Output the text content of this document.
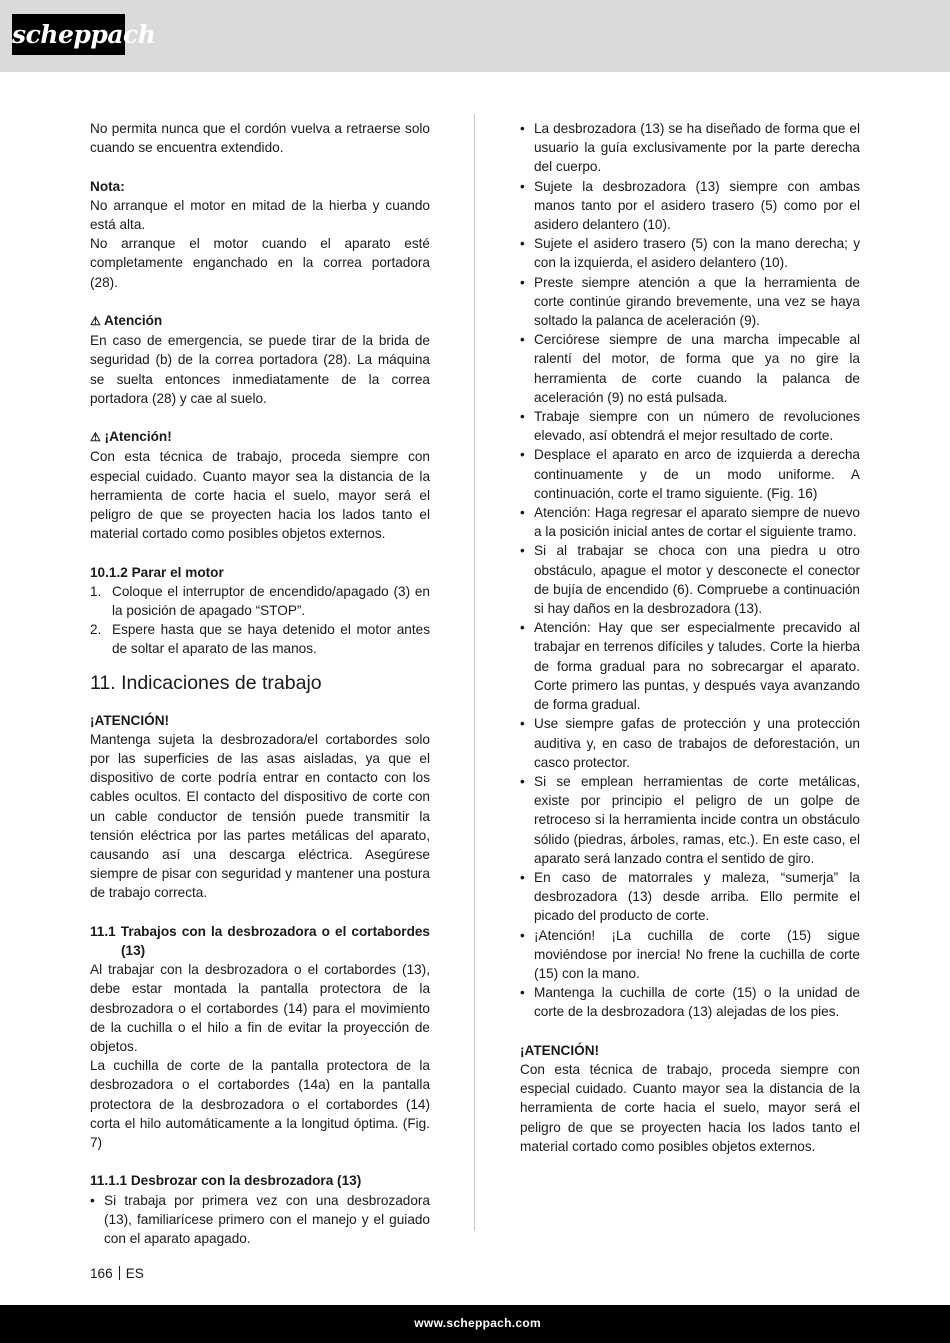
scheppach

No permita nunca que el cordón vuelva a retraerse solo cuando se encuentra extendido.

Nota:

No arranque el motor en mitad de la hierba y cuando está alta.

No arranque el motor cuando el aparato esté completamente enganchado en la correa portadora (28).

⚠ Atención

En caso de emergencia, se puede tirar de la brida de seguridad (b) de la correa portadora (28). La máquina se suelta entonces inmediatamente de la correa portadora (28) y cae al suelo.

⚠ ¡Atención!

Con esta técnica de trabajo, proceda siempre con especial cuidado. Cuanto mayor sea la distancia de la herramienta de corte hacia el suelo, mayor será el peligro de que se proyecten hacia los lados tanto el material cortado como posibles objetos externos.

10.1.2 Parar el motor

1. Coloque el interruptor de encendido/apagado (3) en la posición de apagado “STOP”.
2. Espere hasta que se haya detenido el motor antes de soltar el aparato de las manos.
11. Indicaciones de trabajo

¡ATENCIÓN!

Mantenga sujeta la desbrozadora/el cortabordes solo por las superficies de las asas aisladas, ya que el dispositivo de corte podría entrar en contacto con los cables ocultos. El contacto del dispositivo de corte con un cable conductor de tensión puede transmitir la tensión eléctrica por las partes metálicas del aparato, causando así una descarga eléctrica. Asegúrese siempre de pisar con seguridad y mantener una postura de trabajo correcta.

11.1 Trabajos con la desbrozadora o el cortabordes (13)

Al trabajar con la desbrozadora o el cortabordes (13), debe estar montada la pantalla protectora de la desbrozadora o el cortabordes (14) para el movimiento de la cuchilla o el hilo a fin de evitar la proyección de objetos.

La cuchilla de corte de la pantalla protectora de la desbrozadora o el cortabordes (14a) en la pantalla protectora de la desbrozadora o el cortabordes (14) corta el hilo automáticamente a la longitud óptima. (Fig. 7)

11.1.1 Desbrozar con la desbrozadora (13)

• Si trabaja por primera vez con una desbrozadora (13), familiarícese primero con el manejo y el guiado con el aparato apagado.
• La desbrozadora (13) se ha diseñado de forma que el usuario la guía exclusivamente por la parte derecha del cuerpo.
• Sujete la desbrozadora (13) siempre con ambas manos tanto por el asidero trasero (5) como por el asidero delantero (10).
• Sujete el asidero trasero (5) con la mano derecha; y con la izquierda, el asidero delantero (10).
• Preste siempre atención a que la herramienta de corte continúe girando brevemente, una vez se haya soltado la palanca de aceleración (9).
• Cerciórese siempre de una marcha impecable al ralentí del motor, de forma que ya no gire la herramienta de corte cuando la palanca de aceleración (9) no está pulsada.
• Trabaje siempre con un número de revoluciones elevado, así obtendrá el mejor resultado de corte.
• Desplace el aparato en arco de izquierda a derecha continuamente y de un modo uniforme. A continuación, corte el tramo siguiente. (Fig. 16)
• Atención: Haga regresar el aparato siempre de nuevo a la posición inicial antes de cortar el siguiente tramo.
• Si al trabajar se choca con una piedra u otro obstáculo, apague el motor y desconecte el conector de bujía de encendido (6). Compruebe a continuación si hay daños en la desbrozadora (13).
• Atención: Hay que ser especialmente precavido al trabajar en terrenos difíciles y taludes. Corte la hierba de forma gradual para no sobrecargar el aparato. Corte primero las puntas, y después vaya avanzando de forma gradual.
• Use siempre gafas de protección y una protección auditiva y, en caso de trabajos de deforestación, un casco protector.
• Si se emplean herramientas de corte metálicas, existe por principio el peligro de un golpe de retroceso si la herramienta incide contra un obstáculo sólido (piedras, árboles, ramas, etc.). En este caso, el aparato será lanzado contra el sentido de giro.
• En caso de matorrales y maleza, “sumerja” la desbrozadora (13) desde arriba. Ello permite el picado del producto de corte.
• ¡Atención! ¡La cuchilla de corte (15) sigue moviéndose por inercia! No frene la cuchilla de corte (15) con la mano.
• Mantenga la cuchilla de corte (15) o la unidad de corte de la desbrozadora (13) alejadas de los pies.

¡ATENCIÓN!

Con esta técnica de trabajo, proceda siempre con especial cuidado. Cuanto mayor sea la distancia de la herramienta de corte hacia el suelo, mayor será el peligro de que se proyecten hacia los lados tanto el material cortado como posibles objetos externos.

166 ES
www.scheppach.com
